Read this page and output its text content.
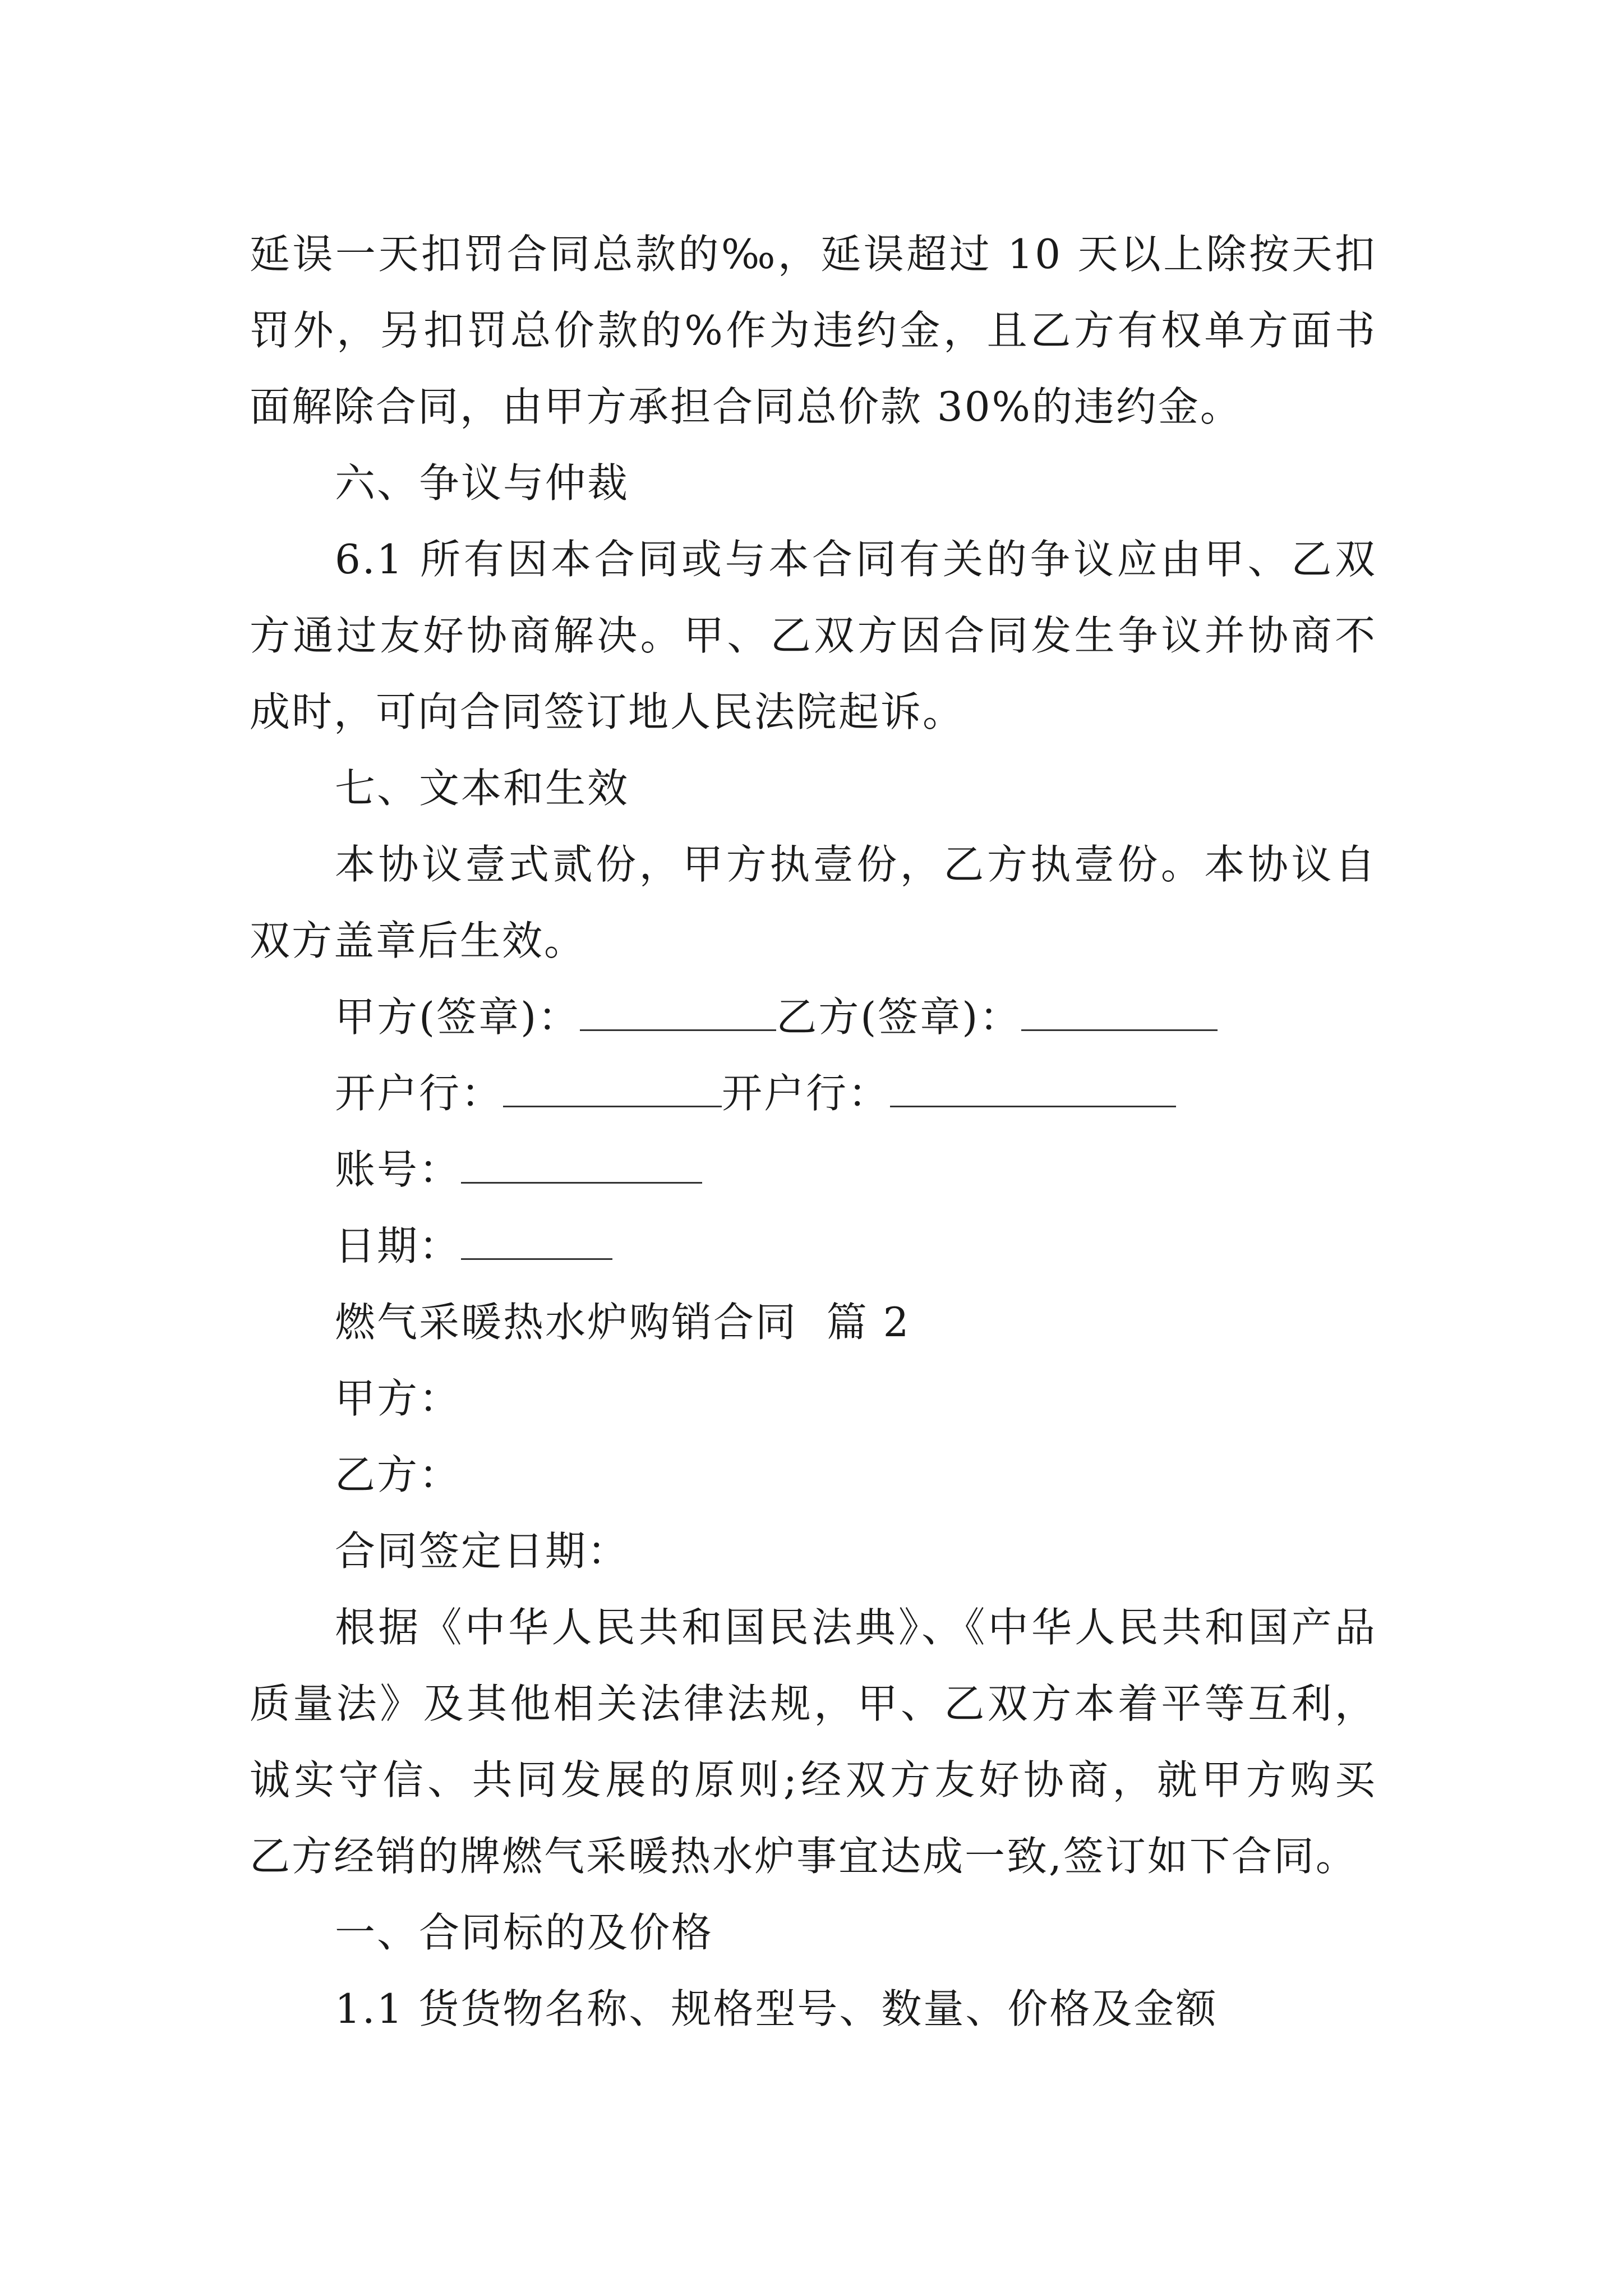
延误一天扣罚合同总款的‰，延误超过 10 天以上除按天扣
罚外，另扣罚总价款的%作为违约金，且乙方有权单方面书
面解除合同，由甲方承担合同总价款 30%的违约金。
六、争议与仲裁
6.1 所有因本合同或与本合同有关的争议应由甲、乙双
方通过友好协商解决。甲、乙双方因合同发生争议并协商不
成时，可向合同签订地人民法院起诉。
七、文本和生效
本协议壹式贰份，甲方执壹份，乙方执壹份。本协议自
双方盖章后生效。
甲方(签章)：	乙方(签章)：
开户行：	开户行：
账号：
日期：
燃气采暖热水炉购销合同  篇 2
甲方：
乙方：
合同签定日期：
根据《中华人民共和国民法典》、《中华人民共和国产品
质量法》及其他相关法律法规，甲、乙双方本着平等互利，
诚实守信、共同发展的原则;经双方友好协商，就甲方购买
乙方经销的牌燃气采暖热水炉事宜达成一致,签订如下合同。
一、合同标的及价格
1.1 货货物名称、规格型号、数量、价格及金额
